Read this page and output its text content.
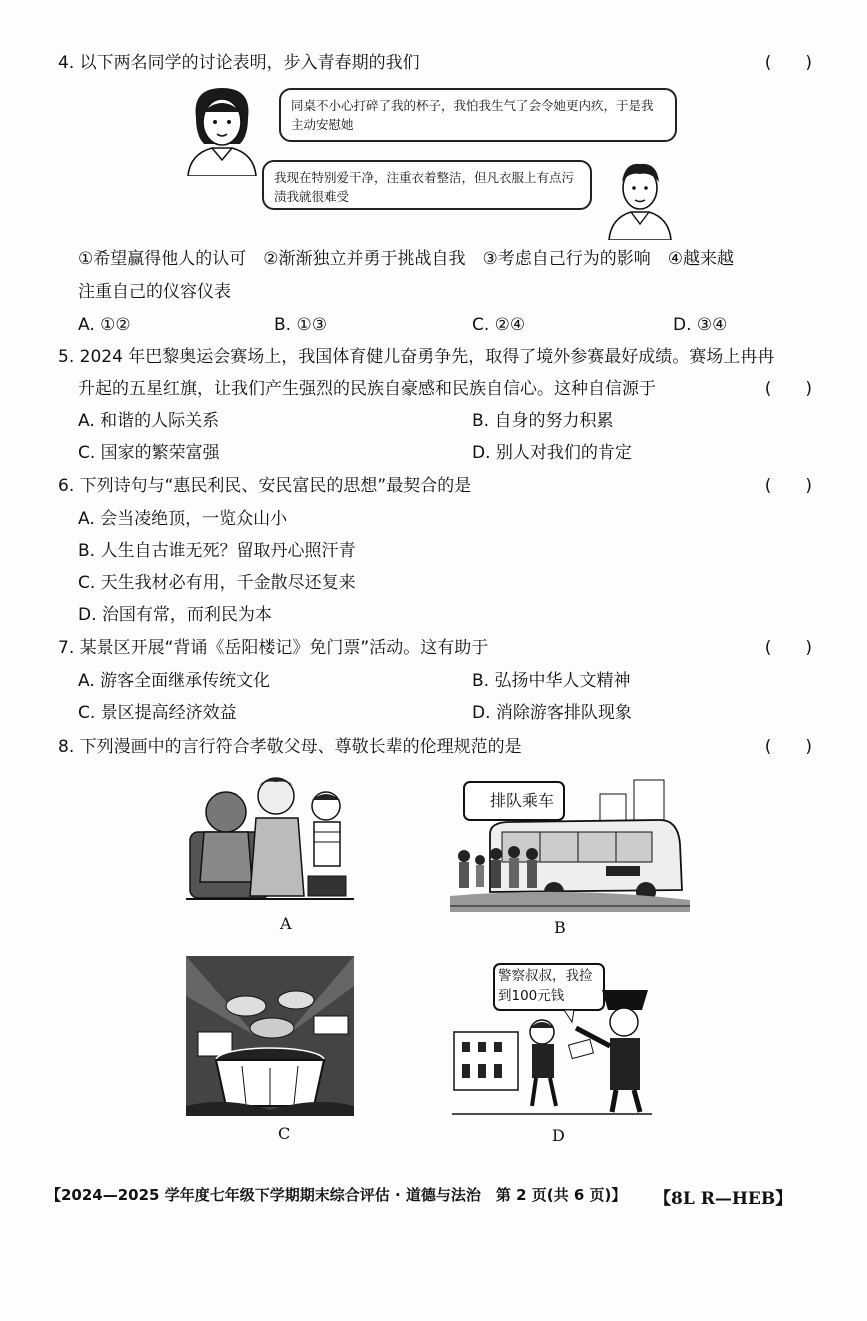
4. 以下两名同学的讨论表明，步入青春期的我们	(　　)
同桌不小心打碎了我的杯子，我怕我生气了会令她更内疚，于是我主动安慰她
我现在特别爱干净，注重衣着整洁，但凡衣服上有点污渍我就很难受
①希望赢得他人的认可　②渐渐独立并勇于挑战自我　③考虑自己行为的影响　④越来越
注重自己的仪容仪表
A. ①②	B. ①③	C. ②④	D. ③④
5. 2024 年巴黎奥运会赛场上，我国体育健儿奋勇争先，取得了境外参赛最好成绩。赛场上冉冉
升起的五星红旗，让我们产生强烈的民族自豪感和民族自信心。这种自信源于	(　　)
A. 和谐的人际关系	B. 自身的努力积累
C. 国家的繁荣富强	D. 别人对我们的肯定
6. 下列诗句与“惠民利民、安民富民的思想”最契合的是	(　　)
A. 会当凌绝顶，一览众山小
B. 人生自古谁无死？留取丹心照汗青
C. 天生我材必有用，千金散尽还复来
D. 治国有常，而利民为本
7. 某景区开展“背诵《岳阳楼记》免门票”活动。这有助于	(　　)
A. 游客全面继承传统文化	B. 弘扬中华人文精神
C. 景区提高经济效益	D. 消除游客排队现象
8. 下列漫画中的言行符合孝敬父母、尊敬长辈的伦理规范的是	(　　)
A
排队乘车
B
C
警察叔叔，我捡到100元钱
D
【2024—2025 学年度七年级下学期期末综合评估 · 道德与法治　第 2 页(共 6 页)】 【8L R—HEB】
